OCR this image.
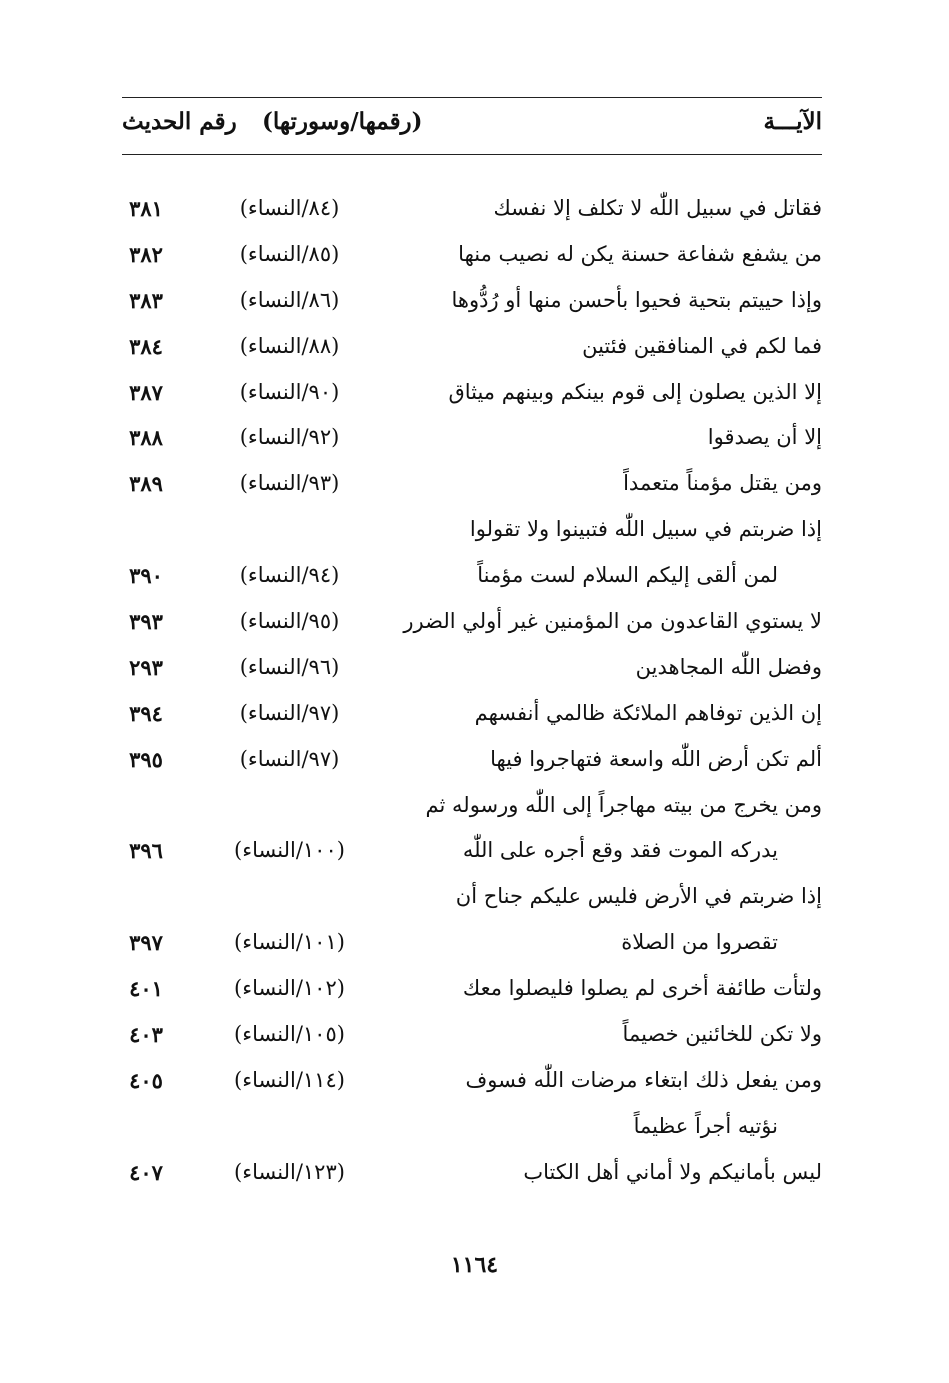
الآيـــة
(رقمها/وسورتها)
رقم الحديث
فقاتل في سبيل اللّٰه لا تكلف إلا نفسك
(٨٤/النساء)
٣٨١
من يشفع شفاعة حسنة يكن له نصيب منها
(٨٥/النساء)
٣٨٢
وإذا حييتم بتحية فحيوا بأحسن منها أو رُدُّوها
(٨٦/النساء)
٣٨٣
فما لكم في المنافقين فئتين
(٨٨/النساء)
٣٨٤
إلا الذين يصلون إلى قوم بينكم وبينهم ميثاق
(٩٠/النساء)
٣٨٧
إلا أن يصدقوا
(٩٢/النساء)
٣٨٨
ومن يقتل مؤمناً متعمداً
(٩٣/النساء)
٣٨٩
إذا ضربتم في سبيل اللّٰه فتبينوا ولا تقولوا
لمن ألقى إليكم السلام لست مؤمناً
(٩٤/النساء)
٣٩٠
لا يستوي القاعدون من المؤمنين غير أولي الضرر
(٩٥/النساء)
٣٩٣
وفضل اللّٰه المجاهدين
(٩٦/النساء)
٢٩٣
إن الذين توفاهم الملائكة ظالمي أنفسهم
(٩٧/النساء)
٣٩٤
ألم تكن أرض اللّٰه واسعة فتهاجروا فيها
(٩٧/النساء)
٣٩٥
ومن يخرج من بيته مهاجراً إلى اللّٰه ورسوله ثم
يدركه الموت فقد وقع أجره على اللّٰه
(١٠٠/النساء)
٣٩٦
إذا ضربتم في الأرض فليس عليكم جناح أن
تقصروا من الصلاة
(١٠١/النساء)
٣٩٧
ولتأت طائفة أخرى لم يصلوا فليصلوا معك
(١٠٢/النساء)
٤٠١
ولا تكن للخائنين خصيماً
(١٠٥/النساء)
٤٠٣
ومن يفعل ذلك ابتغاء مرضات اللّٰه فسوف
(١١٤/النساء)
٤٠٥
نؤتيه أجراً عظيماً
ليس بأمانيكم ولا أماني أهل الكتاب
(١٢٣/النساء)
٤٠٧
١١٦٤
